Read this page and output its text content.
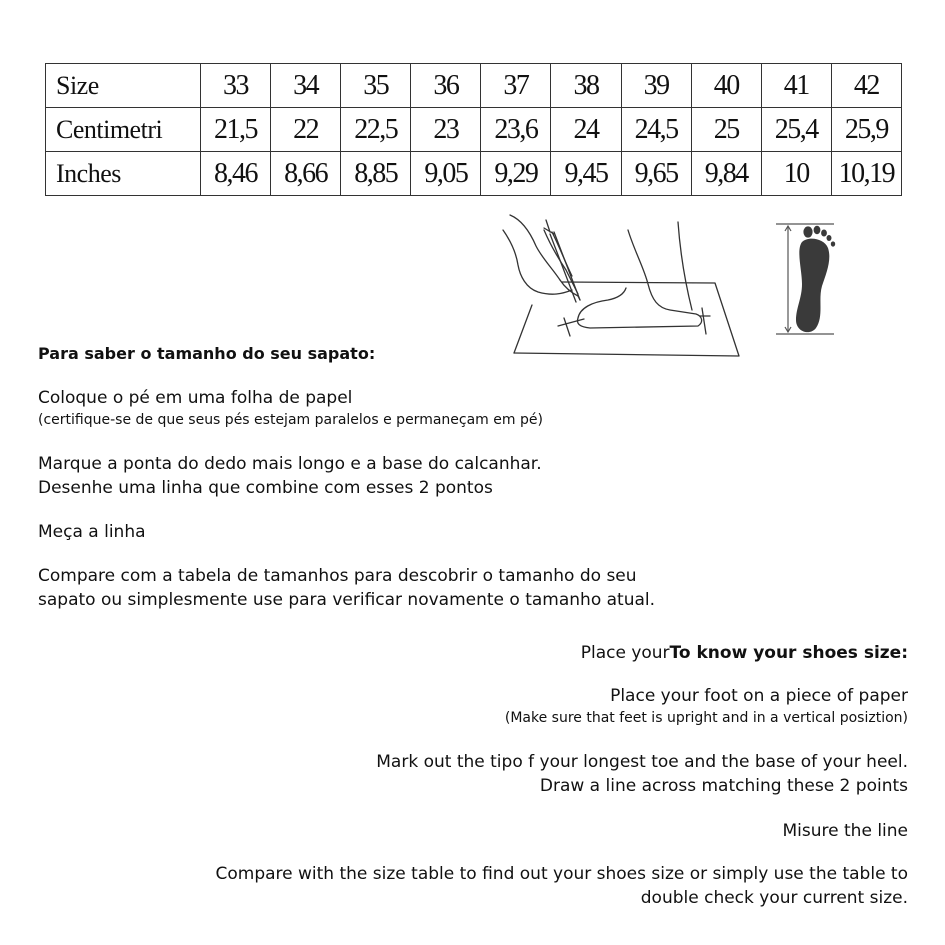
Size	33	34	35	36	37	38	39	40	41	42
Centimetri	21,5	22	22,5	23	23,6	24	24,5	25	25,4	25,9
Inches	8,46	8,66	8,85	9,05	9,29	9,45	9,65	9,84	10	10,19

Para saber o tamanho do seu sapato:

Coloque o pé em uma folha de papel

(certifique-se de que seus pés estejam paralelos e permaneçam em pé)

Marque a ponta do dedo mais longo e a base do calcanhar.

Desenhe uma linha que combine com esses 2 pontos

Meça a linha

Compare com a tabela de tamanhos para descobrir o tamanho do seu

sapato ou simplesmente use para verificar novamente o tamanho atual.

Place yourTo know your shoes size:

Place your foot on a piece of paper

(Make sure that feet is upright and in a vertical posiztion)

Mark out the tipo f your longest toe and the base of your heel.

Draw a line across matching these 2 points

Misure the line

Compare with the size table to find out your shoes size or simply use the table to

double check your current size.
